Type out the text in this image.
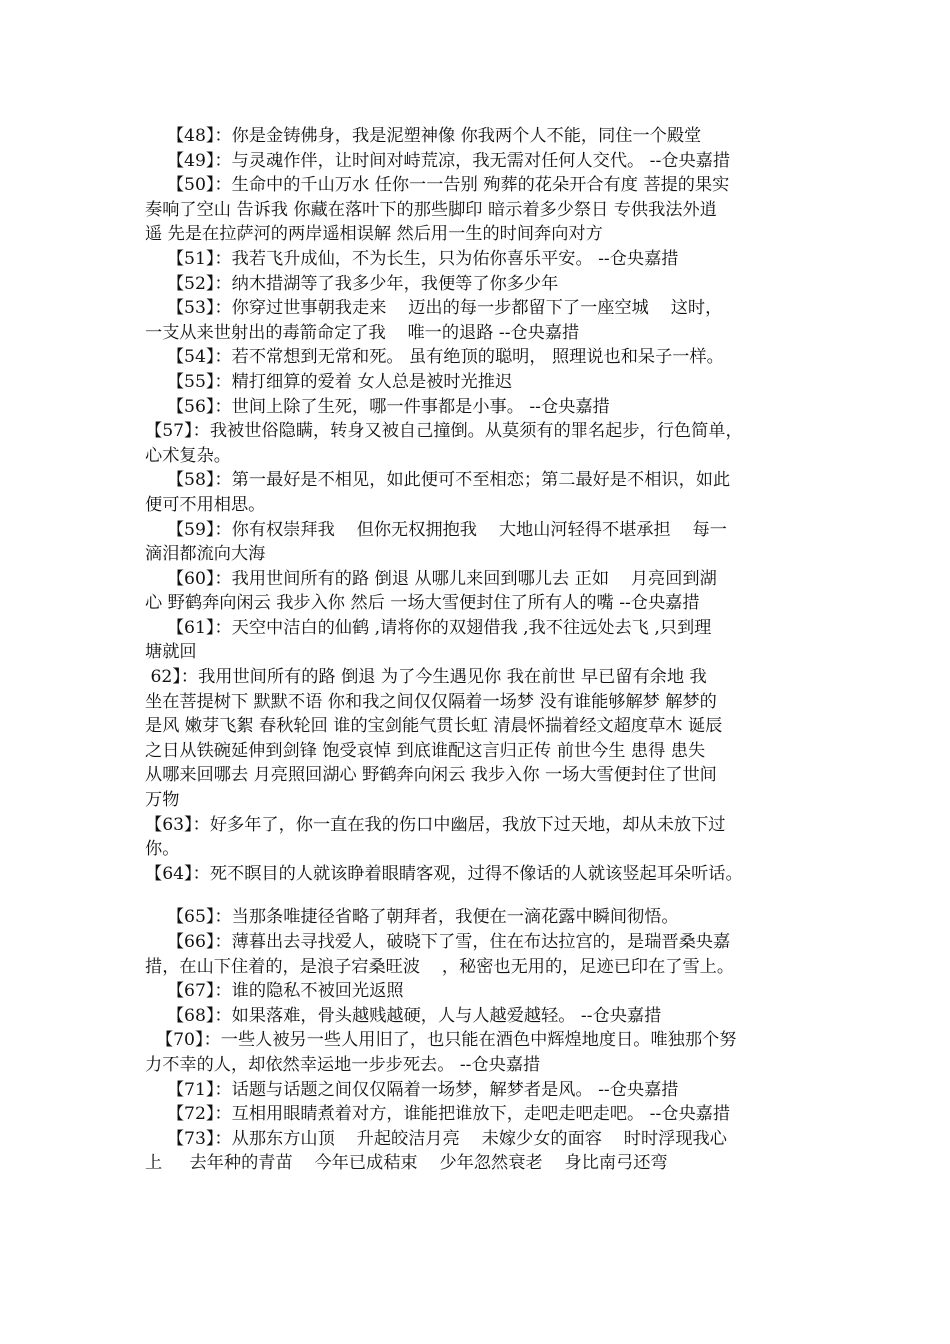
【48】：你是金铸佛身，我是泥塑神像 你我两个人不能，同住一个殿堂
【49】：与灵魂作伴，让时间对峙荒凉，我无需对任何人交代。 --仓央嘉措
【50】：生命中的千山万水 任你一一告别 殉葬的花朵开合有度 菩提的果实
奏响了空山 告诉我 你藏在落叶下的那些脚印 暗示着多少祭日 专供我法外逍
遥 先是在拉萨河的两岸遥相误解 然后用一生的时间奔向对方
【51】：我若飞升成仙，不为长生，只为佑你喜乐平安。 --仓央嘉措
【52】：纳木措湖等了我多少年，我便等了你多少年
【53】：你穿过世事朝我走来    迈出的每一步都留下了一座空城    这时，
一支从来世射出的毒箭命定了我    唯一的退路 --仓央嘉措
【54】：若不常想到无常和死。 虽有绝顶的聪明， 照理说也和呆子一样。
【55】：精打细算的爱着 女人总是被时光推迟
【56】：世间上除了生死，哪一件事都是小事。 --仓央嘉措
【57】：我被世俗隐瞒，转身又被自己撞倒。从莫须有的罪名起步，行色简单，
心术复杂。
【58】：第一最好是不相见，如此便可不至相恋；第二最好是不相识，如此
便可不用相思。
【59】：你有权崇拜我    但你无权拥抱我    大地山河轻得不堪承担    每一
滴泪都流向大海
【60】：我用世间所有的路 倒退 从哪儿来回到哪儿去 正如    月亮回到湖
心 野鹤奔向闲云 我步入你 然后 一场大雪便封住了所有人的嘴 --仓央嘉措
【61】：天空中洁白的仙鹤 ,请将你的双翅借我 ,我不往远处去飞 ,只到理
塘就回
62】：我用世间所有的路 倒退 为了今生遇见你 我在前世 早已留有余地 我
坐在菩提树下 默默不语 你和我之间仅仅隔着一场梦 没有谁能够解梦 解梦的
是风 嫩芽飞絮 春秋轮回 谁的宝剑能气贯长虹 清晨怀揣着经文超度草木 诞辰
之日从铁碗延伸到剑锋 饱受哀悼 到底谁配这言归正传 前世今生 患得 患失
从哪来回哪去 月亮照回湖心 野鹤奔向闲云 我步入你 一场大雪便封住了世间
万物
【63】：好多年了，你一直在我的伤口中幽居，我放下过天地，却从未放下过
你。
【64】：死不瞑目的人就该睁着眼睛客观，过得不像话的人就该竖起耳朵听话。
【65】：当那条唯捷径省略了朝拜者，我便在一滴花露中瞬间彻悟。
【66】：薄暮出去寻找爱人，破晓下了雪，住在布达拉宫的，是瑞晋桑央嘉
措，在山下住着的，是浪子宕桑旺波    ，秘密也无用的，足迹已印在了雪上。
【67】：谁的隐私不被回光返照
【68】：如果落难，骨头越贱越硬，人与人越爱越轻。 --仓央嘉措
【70】：一些人被另一些人用旧了，也只能在酒色中辉煌地度日。唯独那个努
力不幸的人，却依然幸运地一步步死去。 --仓央嘉措
【71】：话题与话题之间仅仅隔着一场梦，解梦者是风。 --仓央嘉措
【72】：互相用眼睛煮着对方，谁能把谁放下，走吧走吧走吧。 --仓央嘉措
【73】：从那东方山顶    升起皎洁月亮    未嫁少女的面容    时时浮现我心
上     去年种的青苗    今年已成秸束    少年忽然衰老    身比南弓还弯
